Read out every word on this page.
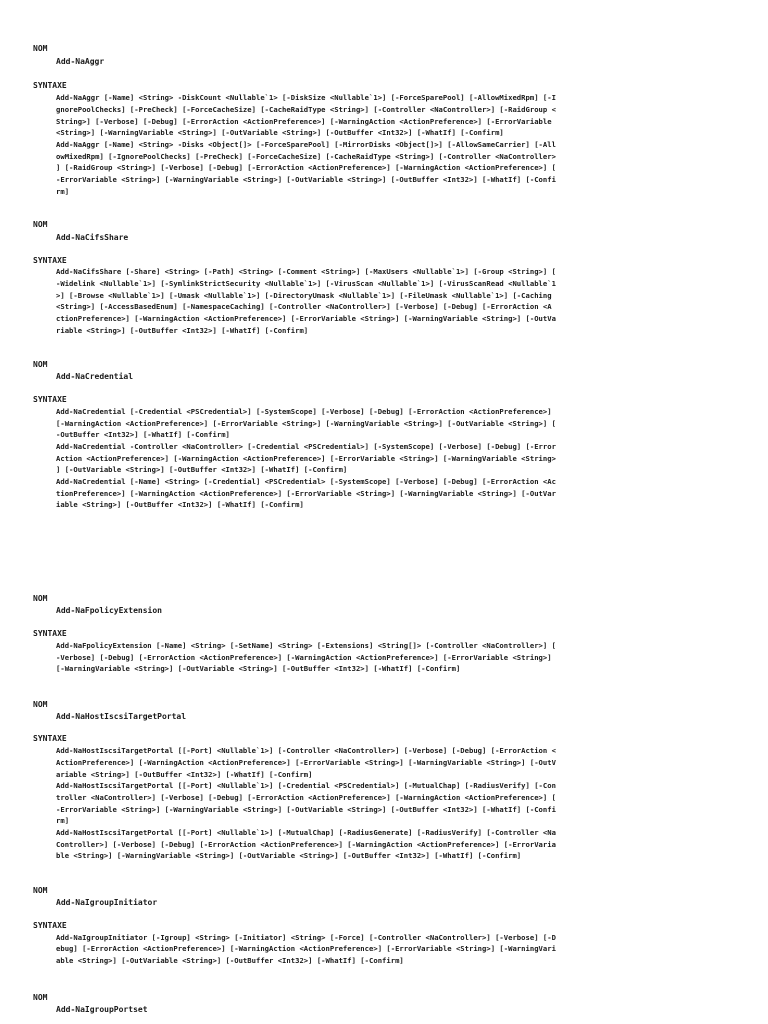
NOM
Add-NaAggr
SYNTAXE
Add-NaAggr [-Name] <String> -DiskCount <Nullable`1> [-DiskSize <Nullable`1>] [-ForceSparePool] [-AllowMixedRpm] [-I
gnorePoolChecks] [-PreCheck] [-ForceCacheSize] [-CacheRaidType <String>] [-Controller <NaController>] [-RaidGroup <
String>] [-Verbose] [-Debug] [-ErrorAction <ActionPreference>] [-WarningAction <ActionPreference>] [-ErrorVariable
<String>] [-WarningVariable <String>] [-OutVariable <String>] [-OutBuffer <Int32>] [-WhatIf] [-Confirm]
Add-NaAggr [-Name] <String> -Disks <Object[]> [-ForceSparePool] [-MirrorDisks <Object[]>] [-AllowSameCarrier] [-All
owMixedRpm] [-IgnorePoolChecks] [-PreCheck] [-ForceCacheSize] [-CacheRaidType <String>] [-Controller <NaController>
] [-RaidGroup <String>] [-Verbose] [-Debug] [-ErrorAction <ActionPreference>] [-WarningAction <ActionPreference>] [
-ErrorVariable <String>] [-WarningVariable <String>] [-OutVariable <String>] [-OutBuffer <Int32>] [-WhatIf] [-Confi
rm]
NOM
Add-NaCifsShare
SYNTAXE
Add-NaCifsShare [-Share] <String> [-Path] <String> [-Comment <String>] [-MaxUsers <Nullable`1>] [-Group <String>] [
-Widelink <Nullable`1>] [-SymlinkStrictSecurity <Nullable`1>] [-VirusScan <Nullable`1>] [-VirusScanRead <Nullable`1
>] [-Browse <Nullable`1>] [-Umask <Nullable`1>] [-DirectoryUmask <Nullable`1>] [-FileUmask <Nullable`1>] [-Caching
<String>] [-AccessBasedEnum] [-NamespaceCaching] [-Controller <NaController>] [-Verbose] [-Debug] [-ErrorAction <A
ctionPreference>] [-WarningAction <ActionPreference>] [-ErrorVariable <String>] [-WarningVariable <String>] [-OutVa
riable <String>] [-OutBuffer <Int32>] [-WhatIf] [-Confirm]
NOM
Add-NaCredential
SYNTAXE
Add-NaCredential [-Credential <PSCredential>] [-SystemScope] [-Verbose] [-Debug] [-ErrorAction <ActionPreference>]
[-WarningAction <ActionPreference>] [-ErrorVariable <String>] [-WarningVariable <String>] [-OutVariable <String>] [
-OutBuffer <Int32>] [-WhatIf] [-Confirm]
Add-NaCredential -Controller <NaController> [-Credential <PSCredential>] [-SystemScope] [-Verbose] [-Debug] [-Error
Action <ActionPreference>] [-WarningAction <ActionPreference>] [-ErrorVariable <String>] [-WarningVariable <String>
] [-OutVariable <String>] [-OutBuffer <Int32>] [-WhatIf] [-Confirm]
Add-NaCredential [-Name] <String> [-Credential] <PSCredential> [-SystemScope] [-Verbose] [-Debug] [-ErrorAction <Ac
tionPreference>] [-WarningAction <ActionPreference>] [-ErrorVariable <String>] [-WarningVariable <String>] [-OutVar
iable <String>] [-OutBuffer <Int32>] [-WhatIf] [-Confirm]
NOM
Add-NaFpolicyExtension
SYNTAXE
Add-NaFpolicyExtension [-Name] <String> [-SetName] <String> [-Extensions] <String[]> [-Controller <NaController>] [
-Verbose] [-Debug] [-ErrorAction <ActionPreference>] [-WarningAction <ActionPreference>] [-ErrorVariable <String>]
[-WarningVariable <String>] [-OutVariable <String>] [-OutBuffer <Int32>] [-WhatIf] [-Confirm]
NOM
Add-NaHostIscsiTargetPortal
SYNTAXE
Add-NaHostIscsiTargetPortal [[-Port] <Nullable`1>] [-Controller <NaController>] [-Verbose] [-Debug] [-ErrorAction <
ActionPreference>] [-WarningAction <ActionPreference>] [-ErrorVariable <String>] [-WarningVariable <String>] [-OutV
ariable <String>] [-OutBuffer <Int32>] [-WhatIf] [-Confirm]
Add-NaHostIscsiTargetPortal [[-Port] <Nullable`1>] [-Credential <PSCredential>] [-MutualChap] [-RadiusVerify] [-Con
troller <NaController>] [-Verbose] [-Debug] [-ErrorAction <ActionPreference>] [-WarningAction <ActionPreference>] [
-ErrorVariable <String>] [-WarningVariable <String>] [-OutVariable <String>] [-OutBuffer <Int32>] [-WhatIf] [-Confi
rm]
Add-NaHostIscsiTargetPortal [[-Port] <Nullable`1>] [-MutualChap] [-RadiusGenerate] [-RadiusVerify] [-Controller <Na
Controller>] [-Verbose] [-Debug] [-ErrorAction <ActionPreference>] [-WarningAction <ActionPreference>] [-ErrorVaria
ble <String>] [-WarningVariable <String>] [-OutVariable <String>] [-OutBuffer <Int32>] [-WhatIf] [-Confirm]
NOM
Add-NaIgroupInitiator
SYNTAXE
Add-NaIgroupInitiator [-Igroup] <String> [-Initiator] <String> [-Force] [-Controller <NaController>] [-Verbose] [-D
ebug] [-ErrorAction <ActionPreference>] [-WarningAction <ActionPreference>] [-ErrorVariable <String>] [-WarningVari
able <String>] [-OutVariable <String>] [-OutBuffer <Int32>] [-WhatIf] [-Confirm]
NOM
Add-NaIgroupPortset
